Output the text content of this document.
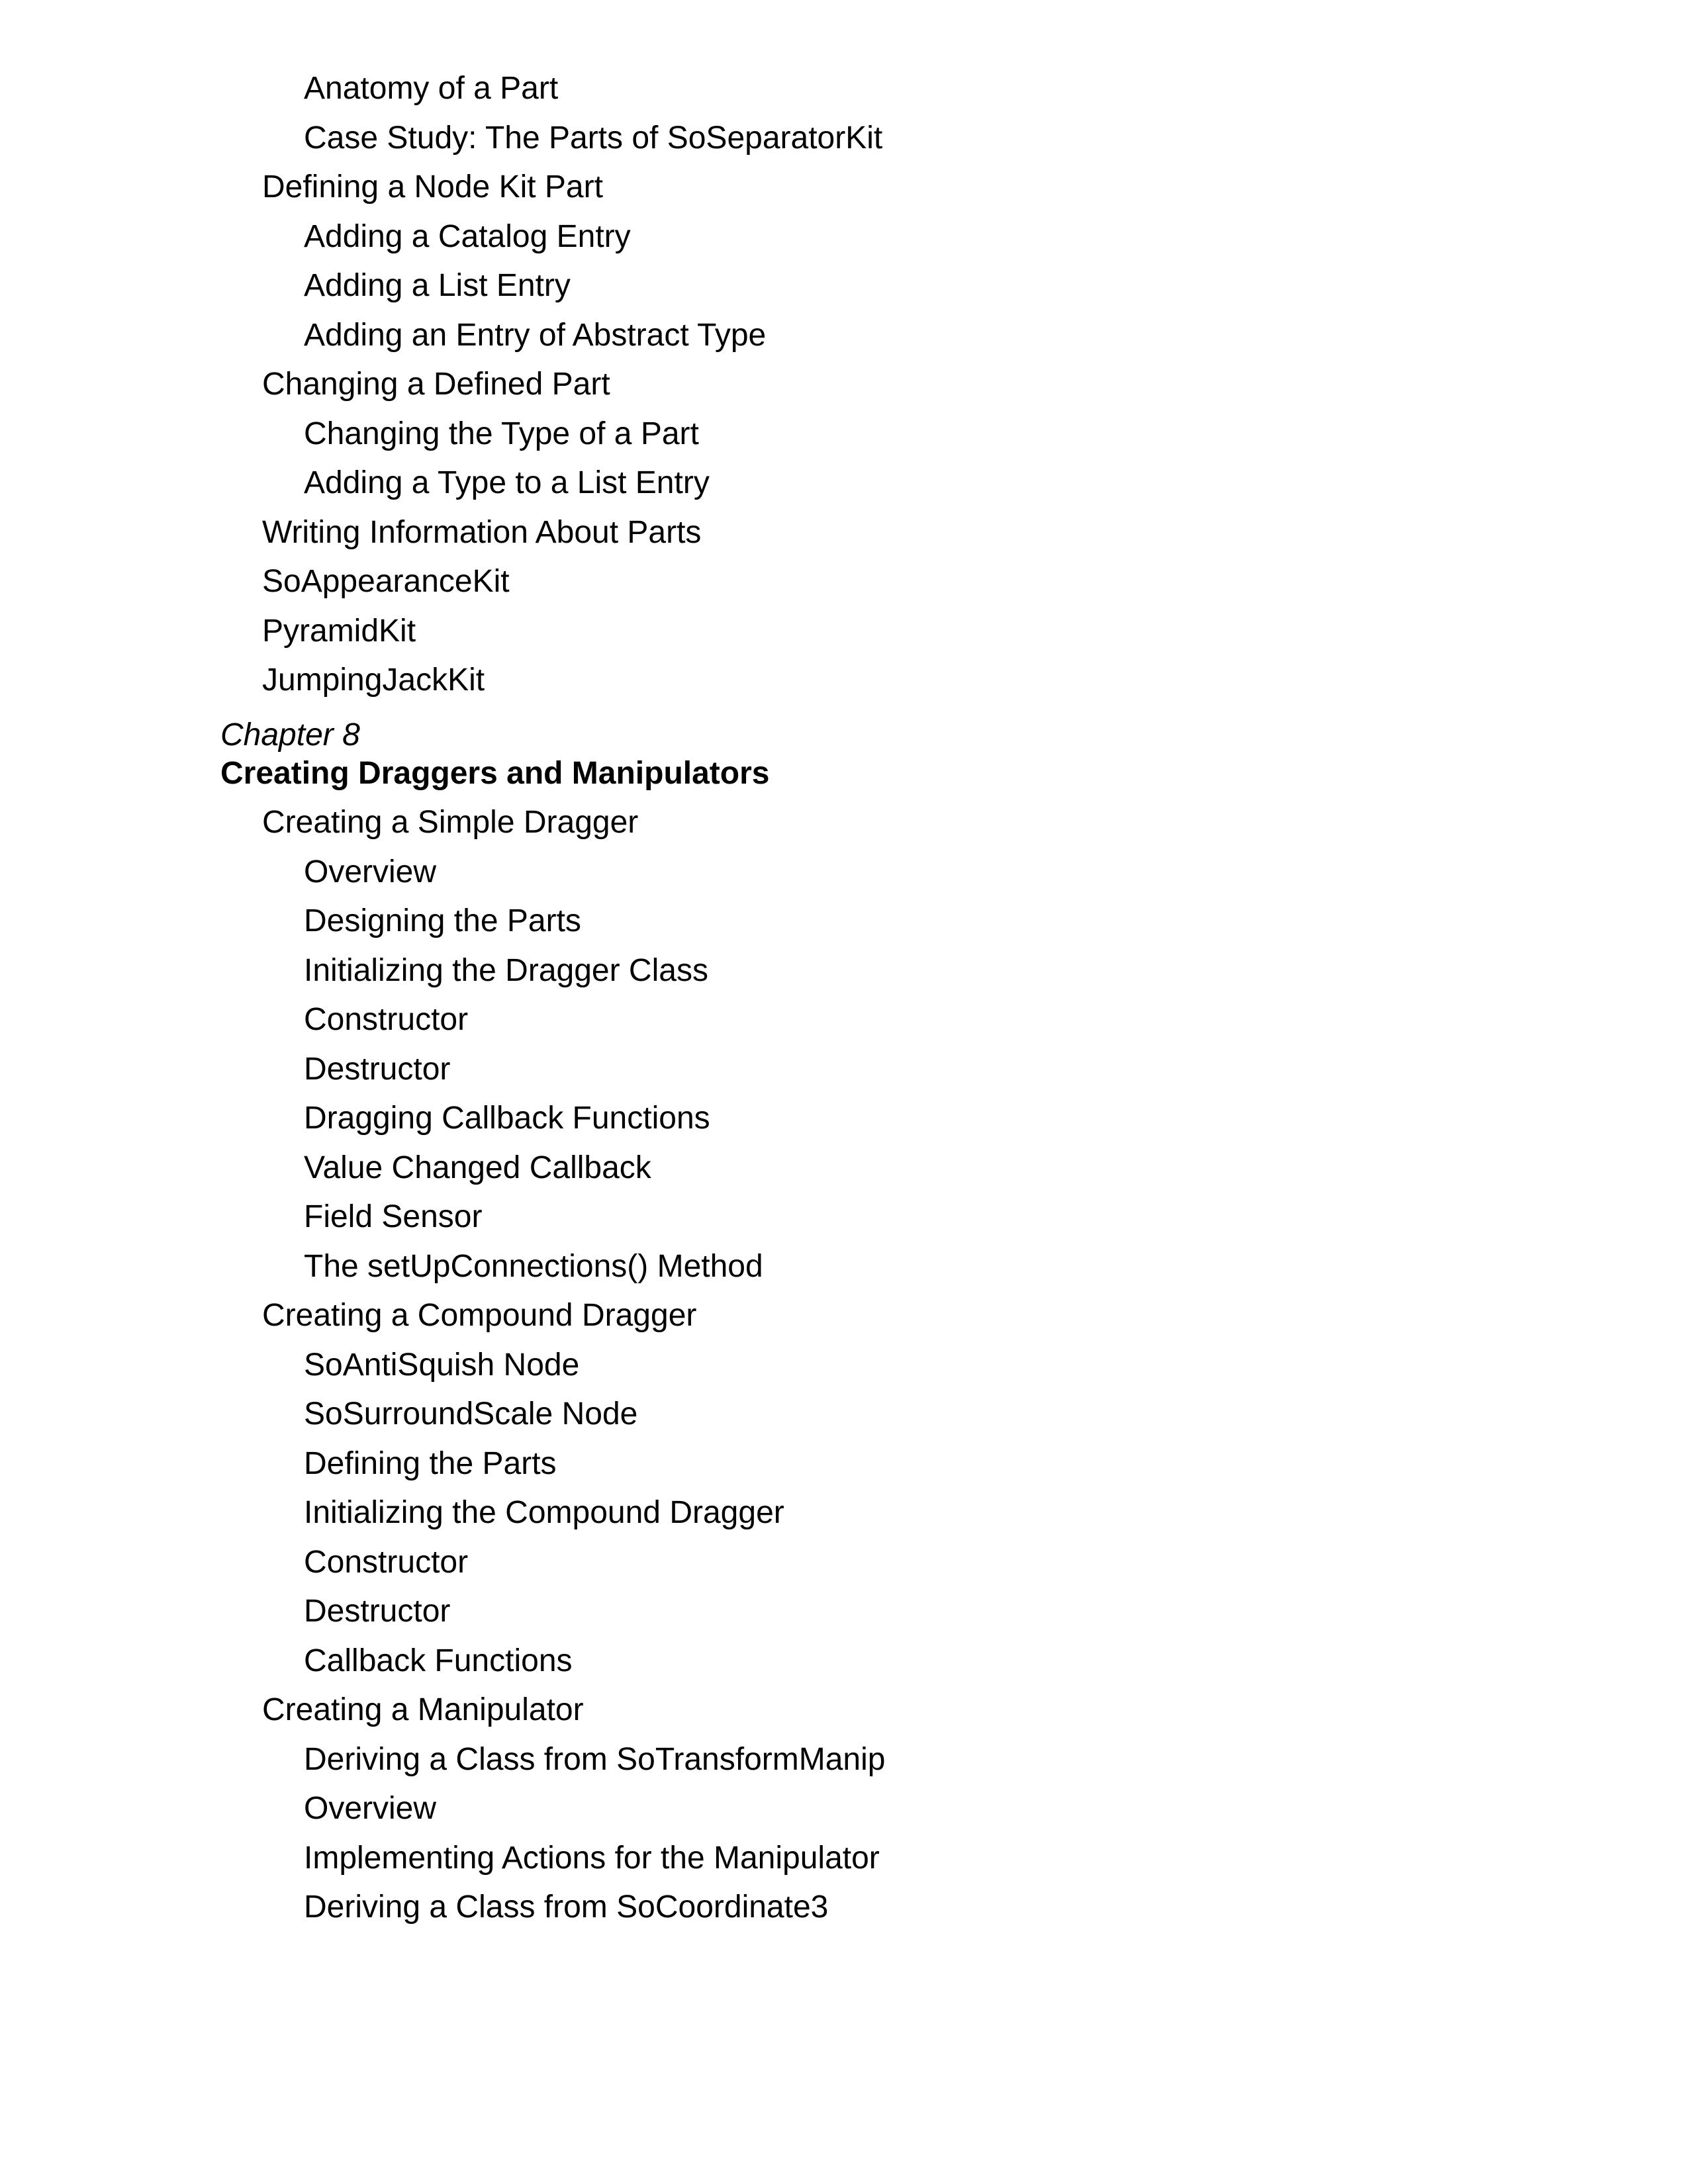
Anatomy of a Part
Case Study: The Parts of SoSeparatorKit
Defining a Node Kit Part
Adding a Catalog Entry
Adding a List Entry
Adding an Entry of Abstract Type
Changing a Defined Part
Changing the Type of a Part
Adding a Type to a List Entry
Writing Information About Parts
SoAppearanceKit
PyramidKit
JumpingJackKit
Chapter 8
Creating Draggers and Manipulators
Creating a Simple Dragger
Overview
Designing the Parts
Initializing the Dragger Class
Constructor
Destructor
Dragging Callback Functions
Value Changed Callback
Field Sensor
The setUpConnections() Method
Creating a Compound Dragger
SoAntiSquish Node
SoSurroundScale Node
Defining the Parts
Initializing the Compound Dragger
Constructor
Destructor
Callback Functions
Creating a Manipulator
Deriving a Class from SoTransformManip
Overview
Implementing Actions for the Manipulator
Deriving a Class from SoCoordinate3
